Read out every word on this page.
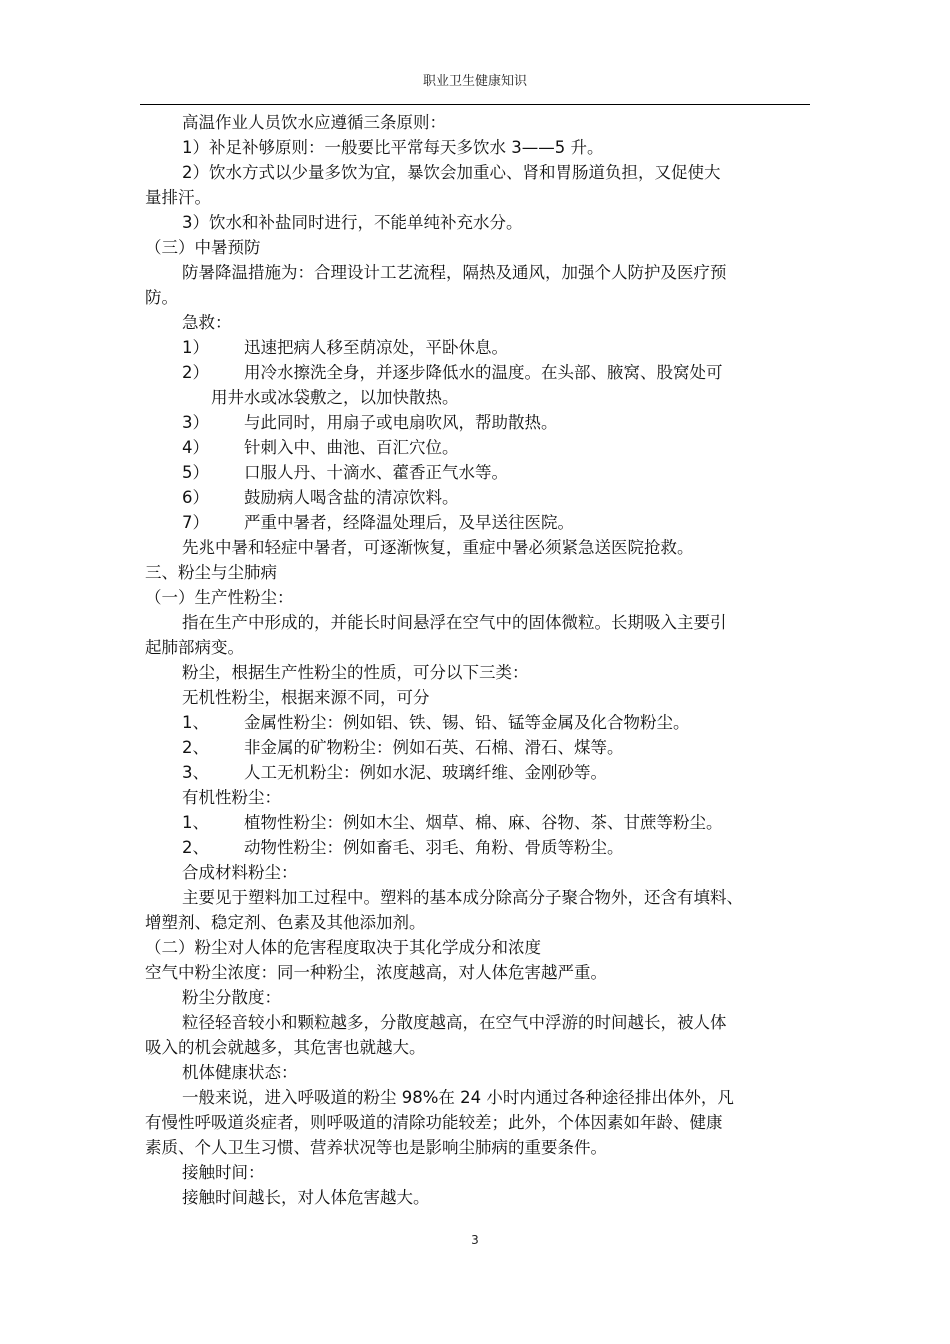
职业卫生健康知识
高温作业人员饮水应遵循三条原则：
1）补足补够原则：一般要比平常每天多饮水 3——5 升。
2）饮水方式以少量多饮为宜，暴饮会加重心、肾和胃肠道负担，又促使大
量排汗。
3）饮水和补盐同时进行，不能单纯补充水分。
（三）中暑预防
防暑降温措施为：合理设计工艺流程，隔热及通风，加强个人防护及医疗预
防。
急救：
1） 迅速把病人移至荫凉处，平卧休息。
2） 用冷水擦洗全身，并逐步降低水的温度。在头部、腋窝、股窝处可
用井水或冰袋敷之，以加快散热。
3） 与此同时，用扇子或电扇吹风，帮助散热。
4） 针刺入中、曲池、百汇穴位。
5） 口服人丹、十滴水、藿香正气水等。
6） 鼓励病人喝含盐的清凉饮料。
7） 严重中暑者，经降温处理后，及早送往医院。
先兆中暑和轻症中暑者，可逐渐恢复，重症中暑必须紧急送医院抢救。
三、粉尘与尘肺病
（一）生产性粉尘：
指在生产中形成的，并能长时间悬浮在空气中的固体微粒。长期吸入主要引
起肺部病变。
粉尘，根据生产性粉尘的性质，可分以下三类：
无机性粉尘，根据来源不同，可分
1、 金属性粉尘：例如铝、铁、锡、铅、锰等金属及化合物粉尘。
2、 非金属的矿物粉尘：例如石英、石棉、滑石、煤等。
3、 人工无机粉尘：例如水泥、玻璃纤维、金刚砂等。
有机性粉尘：
1、 植物性粉尘：例如木尘、烟草、棉、麻、谷物、茶、甘蔗等粉尘。
2、 动物性粉尘：例如畜毛、羽毛、角粉、骨质等粉尘。
合成材料粉尘：
主要见于塑料加工过程中。塑料的基本成分除高分子聚合物外，还含有填料、
增塑剂、稳定剂、色素及其他添加剂。
（二）粉尘对人体的危害程度取决于其化学成分和浓度
空气中粉尘浓度：同一种粉尘，浓度越高，对人体危害越严重。
粉尘分散度：
粒径轻音较小和颗粒越多，分散度越高，在空气中浮游的时间越长，被人体
吸入的机会就越多，其危害也就越大。
机体健康状态：
一般来说，进入呼吸道的粉尘 98%在 24 小时内通过各种途径排出体外，凡
有慢性呼吸道炎症者，则呼吸道的清除功能较差；此外，个体因素如年龄、健康
素质、个人卫生习惯、营养状况等也是影响尘肺病的重要条件。
接触时间：
接触时间越长，对人体危害越大。
3
